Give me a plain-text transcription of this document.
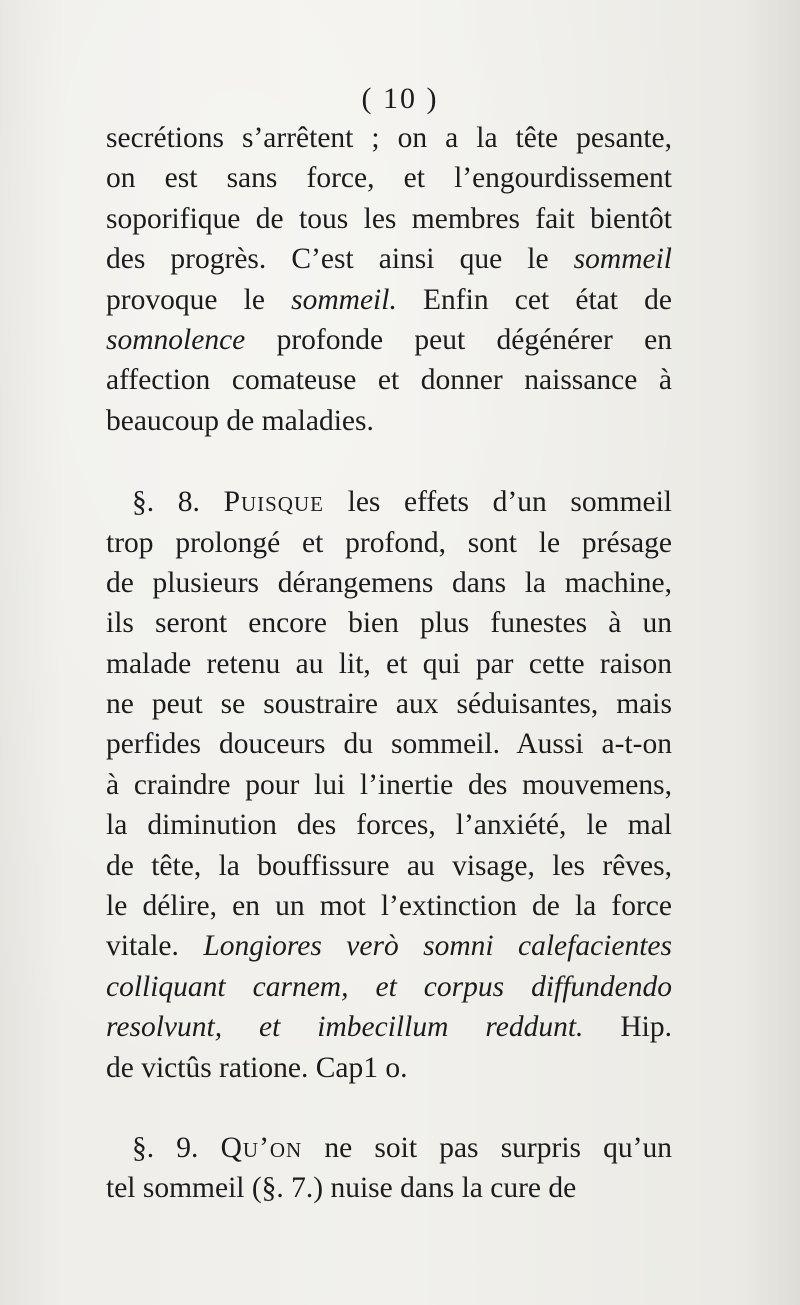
( 10 )
secrétions s’arrêtent ; on a la tête pesante,
on est sans force, et l’engourdissement
soporifique de tous les membres fait bientôt
des progrès. C’est ainsi que le sommeil
provoque le sommeil. Enfin cet état de
somnolence profonde peut dégénérer en
affection comateuse et donner naissance à
beaucoup de maladies.
§. 8. Puisque les effets d’un sommeil
trop prolongé et profond, sont le présage
de plusieurs dérangemens dans la machine,
ils seront encore bien plus funestes à un
malade retenu au lit, et qui par cette raison
ne peut se soustraire aux séduisantes, mais
perfides douceurs du sommeil. Aussi a-t-on
à craindre pour lui l’inertie des mouvemens,
la diminution des forces, l’anxiété, le mal
de tête, la bouffissure au visage, les rêves,
le délire, en un mot l’extinction de la force
vitale. Longiores verò somni calefacientes
colliquant carnem, et corpus diffundendo
resolvunt, et imbecillum reddunt. Hip.
de victûs ratione. Cap1 o.
§. 9. Qu’on ne soit pas surpris qu’un
tel sommeil (§. 7.) nuise dans la cure de
